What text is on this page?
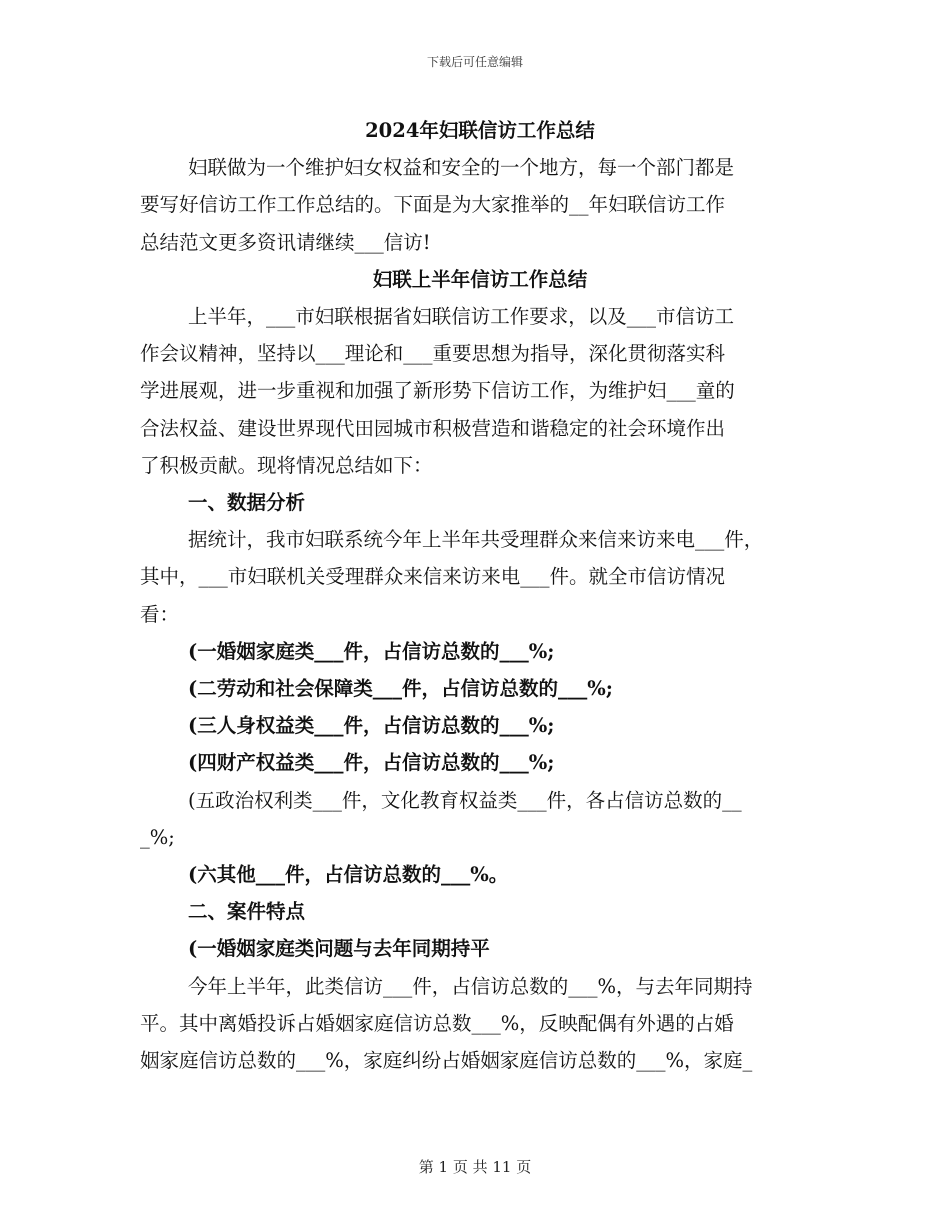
下载后可任意编辑

2024年妇联信访工作总结

妇联做为一个维护妇女权益和安全的一个地方，每一个部门都是

要写好信访工作工作总结的。下面是为大家推举的__年妇联信访工作

总结范文更多资讯请继续___信访!

妇联上半年信访工作总结

上半年，___市妇联根据省妇联信访工作要求，以及___市信访工

作会议精神，坚持以___理论和___重要思想为指导，深化贯彻落实科

学进展观，进一步重视和加强了新形势下信访工作，为维护妇___童的

合法权益、建设世界现代田园城市积极营造和谐稳定的社会环境作出

了积极贡献。现将情况总结如下：

一、数据分析

据统计，我市妇联系统今年上半年共受理群众来信来访来电___件，

其中，___市妇联机关受理群众来信来访来电___件。就全市信访情况

看：

(一婚姻家庭类___件，占信访总数的___%;

(二劳动和社会保障类___件，占信访总数的___%;

(三人身权益类___件，占信访总数的___%;

(四财产权益类___件，占信访总数的___%;

(五政治权利类___件，文化教育权益类___件，各占信访总数的__

_%;

(六其他___件，占信访总数的___%。

二、案件特点

(一婚姻家庭类问题与去年同期持平

今年上半年，此类信访___件，占信访总数的___%，与去年同期持

平。其中离婚投诉占婚姻家庭信访总数___%，反映配偶有外遇的占婚

姻家庭信访总数的___%，家庭纠纷占婚姻家庭信访总数的___%，家庭_

第 1 页 共 11 页
